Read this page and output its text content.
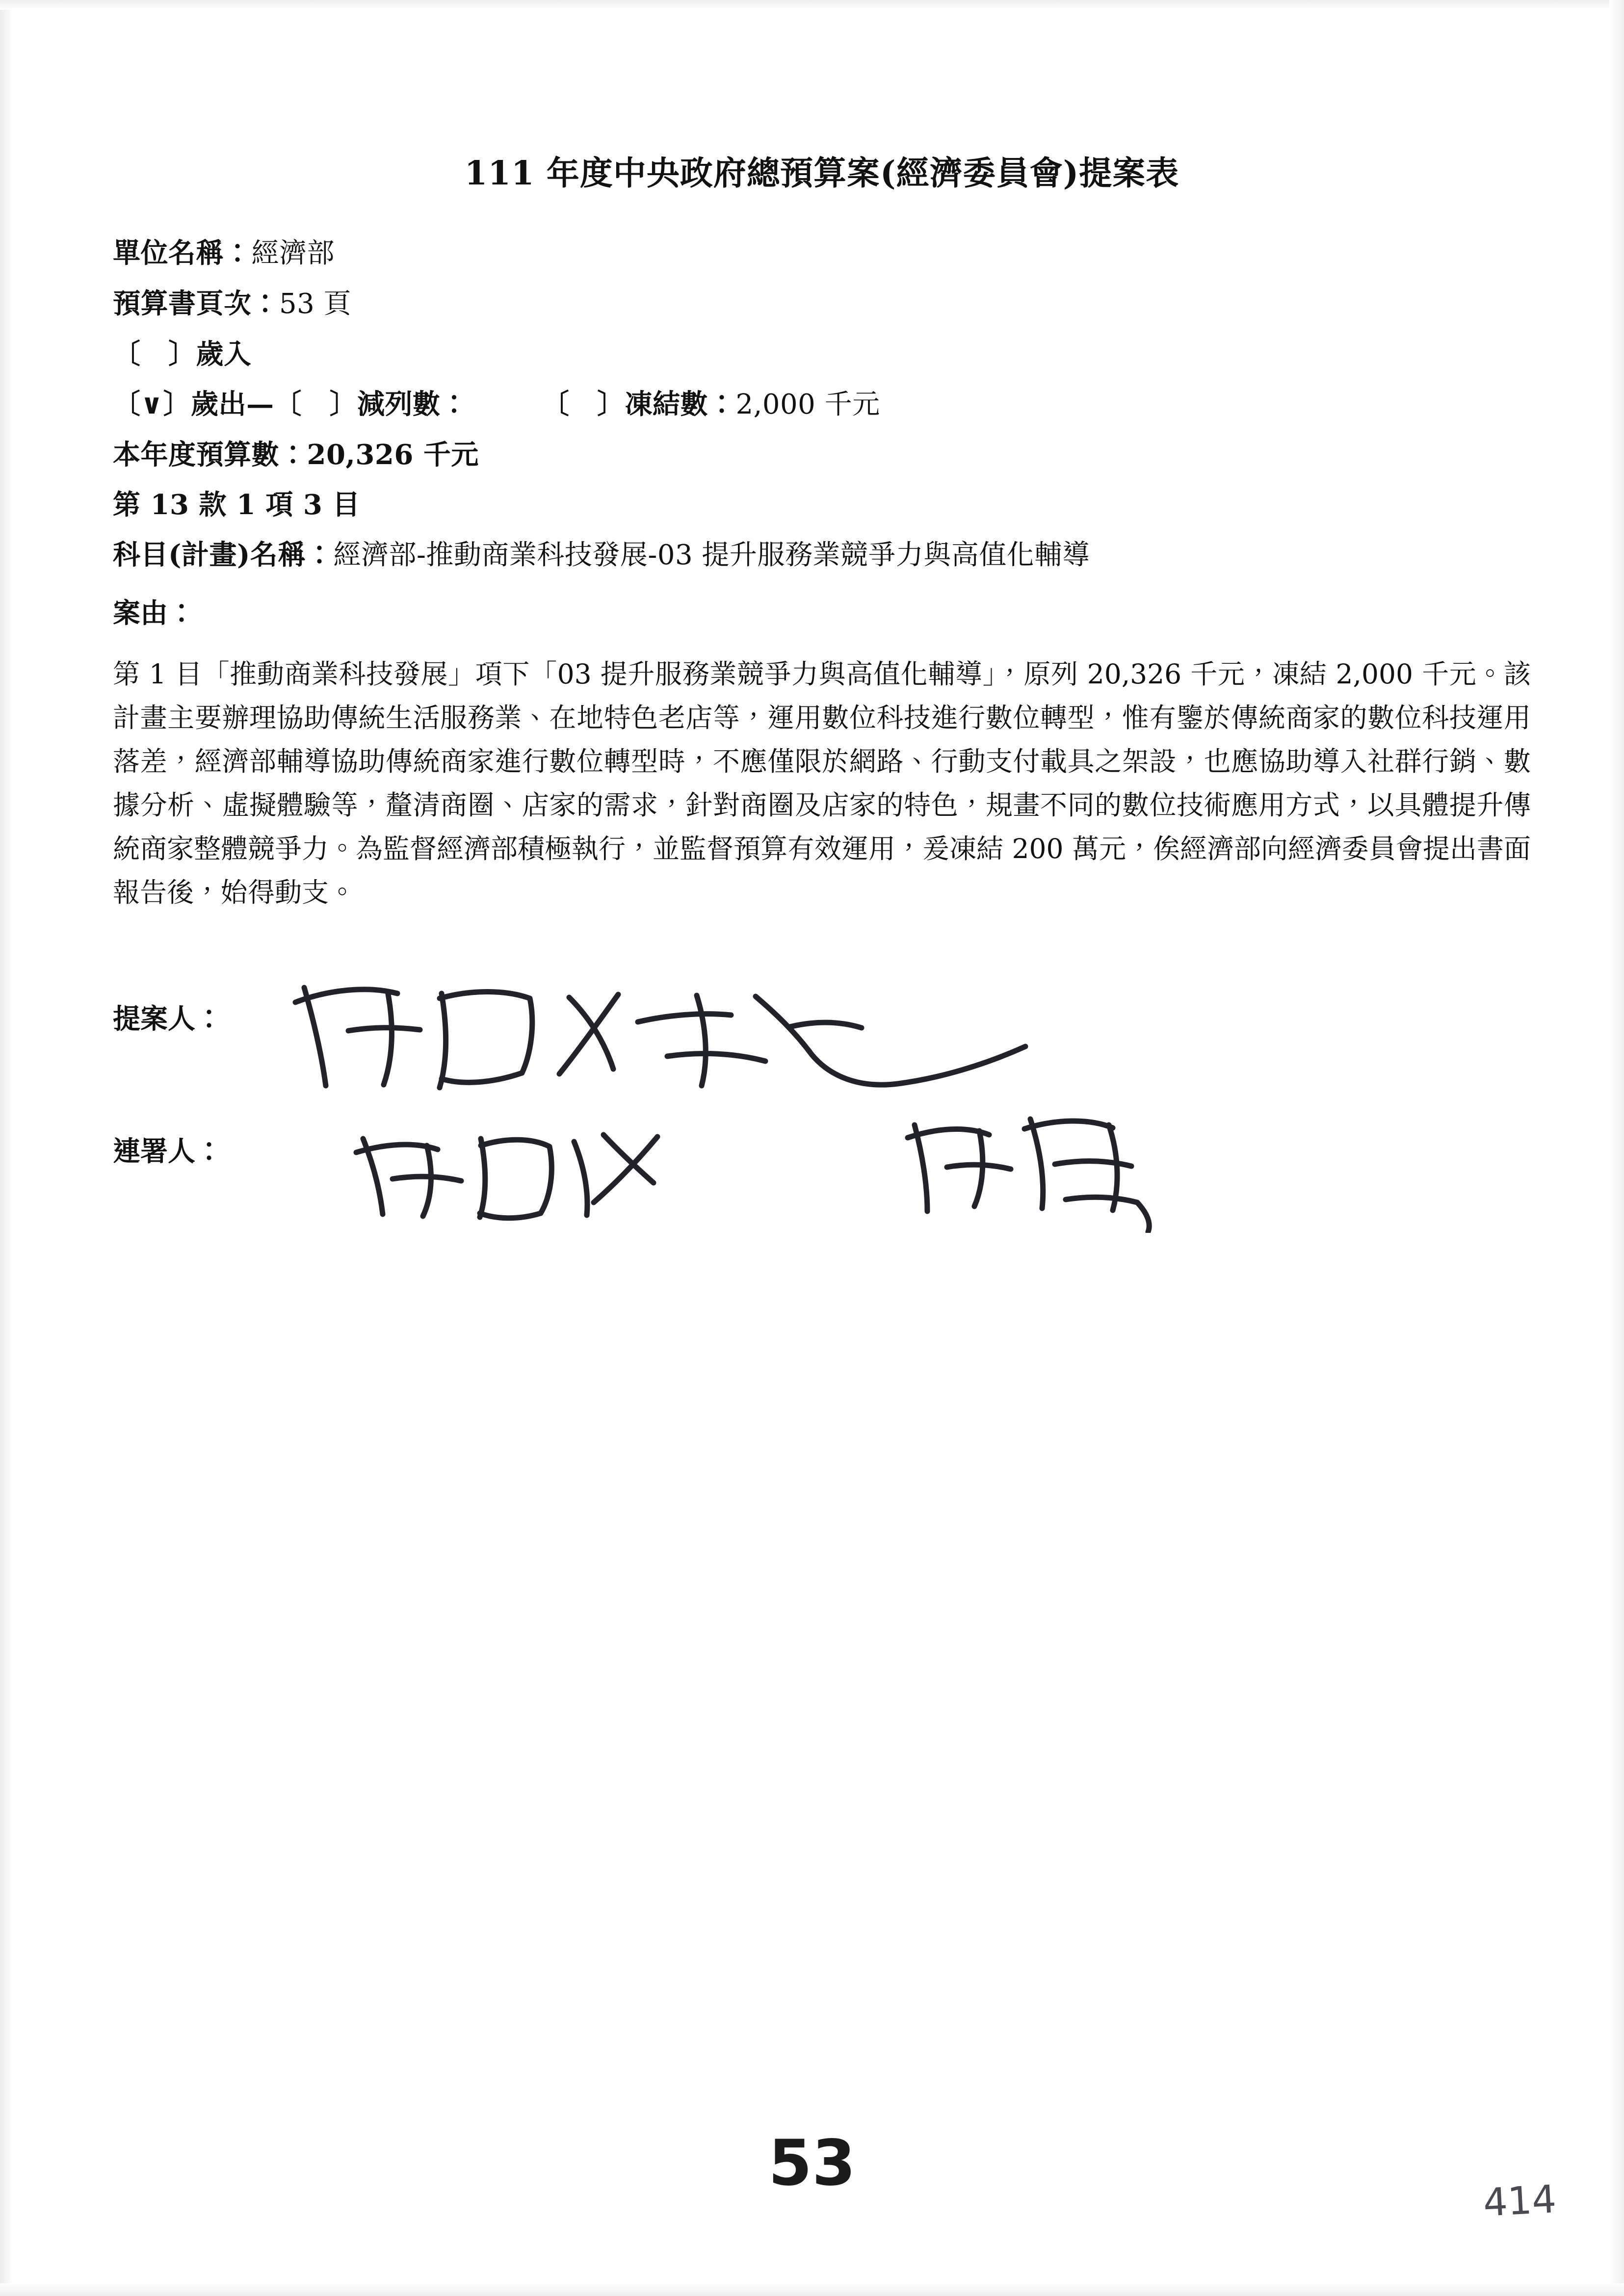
111 年度中央政府總預算案(經濟委員會)提案表

單位名稱：經濟部

預算書頁次：53 頁

〔　〕歲入

〔∨〕歲出—〔　〕減列數：	〔　〕凍結數：2,000 千元

本年度預算數：20,326 千元

第 13 款 1 項 3 目

科目(計畫)名稱：經濟部-推動商業科技發展-03 提升服務業競爭力與高值化輔導

案由：

第 1 目「推動商業科技發展」項下「03 提升服務業競爭力與高值化輔導」，原列 20,326 千元，凍結 2,000 千元。該計畫主要辦理協助傳統生活服務業、在地特色老店等，運用數位科技進行數位轉型，惟有鑒於傳統商家的數位科技運用落差，經濟部輔導協助傳統商家進行數位轉型時，不應僅限於網路、行動支付載具之架設，也應協助導入社群行銷、數據分析、虛擬體驗等，釐清商圈、店家的需求，針對商圈及店家的特色，規畫不同的數位技術應用方式，以具體提升傳統商家整體競爭力。為監督經濟部積極執行，並監督預算有效運用，爰凍結 200 萬元，俟經濟部向經濟委員會提出書面報告後，始得動支。

提案人：
連署人：
53
414
